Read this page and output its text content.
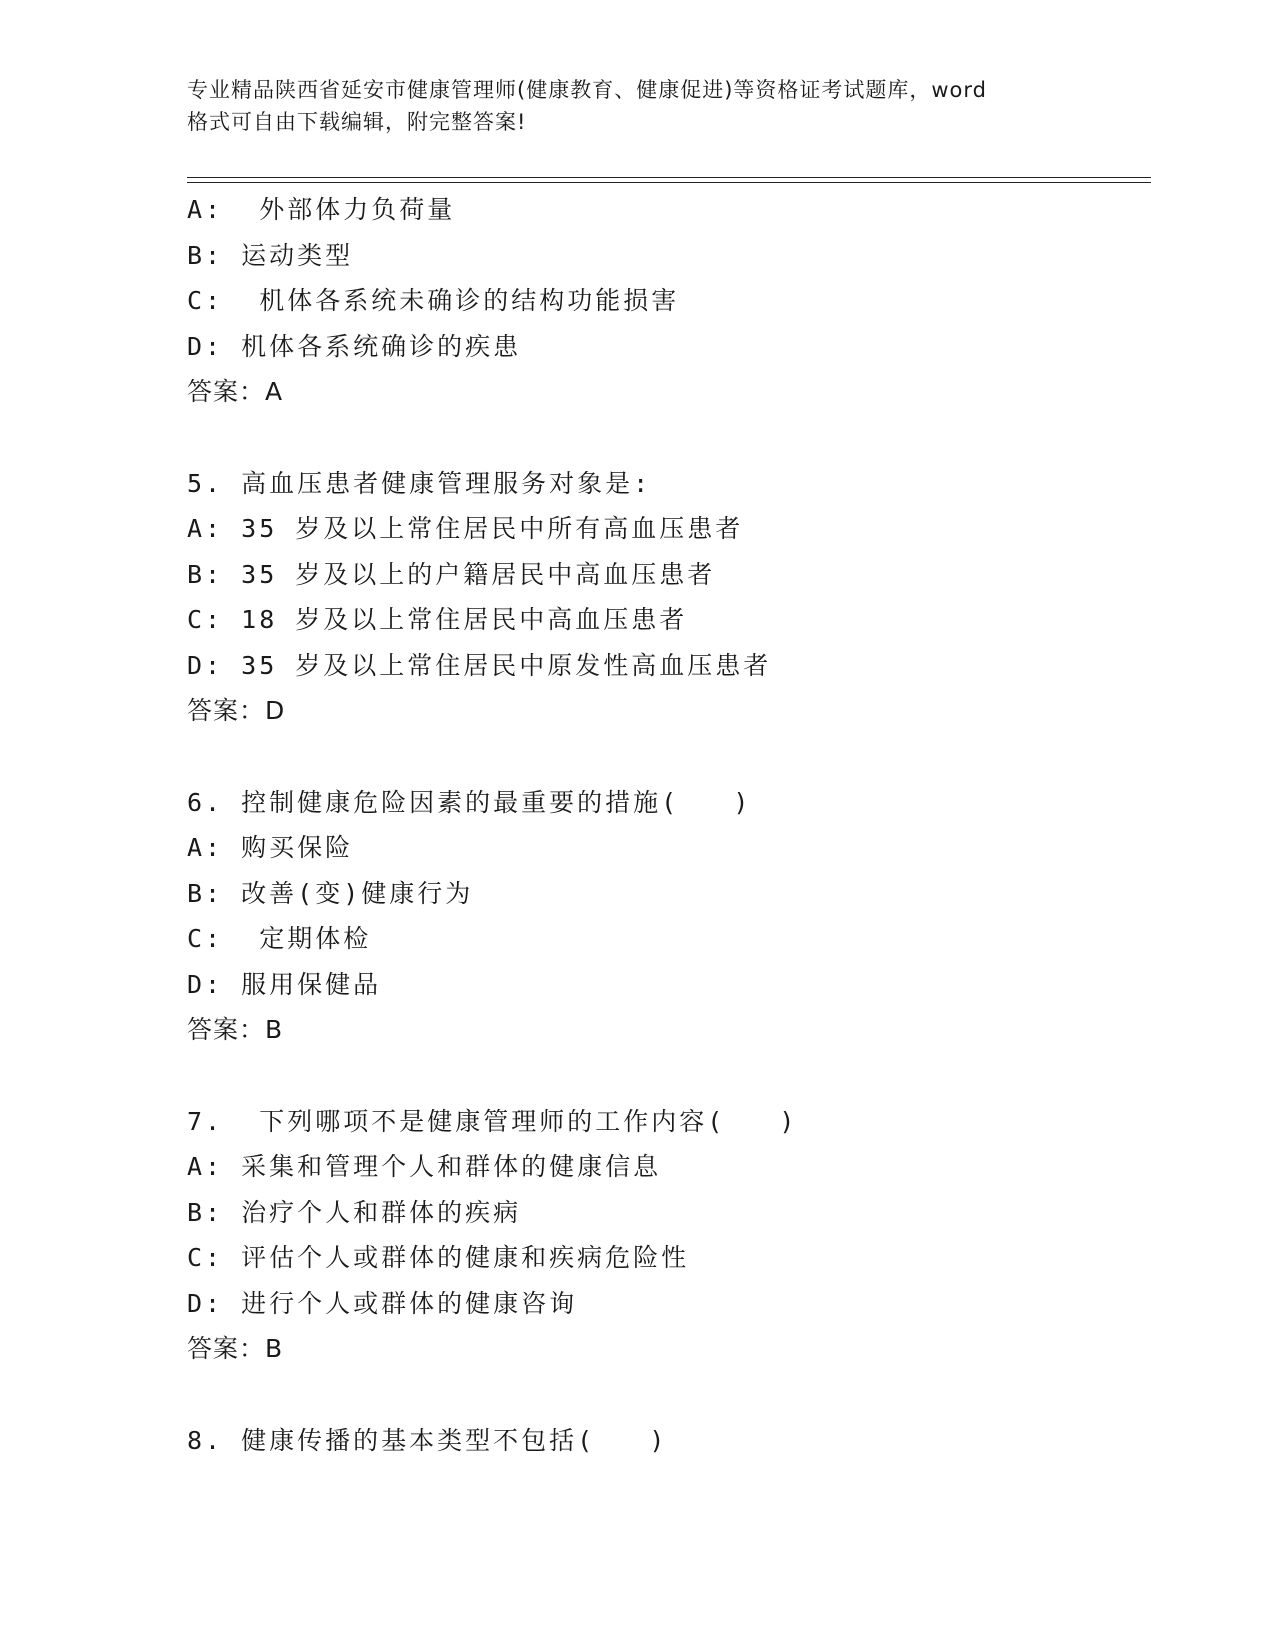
专业精品陕西省延安市健康管理师(健康教育、健康促进)等资格证考试题库，word
格式可自由下载编辑，附完整答案!
A:  外部体力负荷量
B: 运动类型
C:  机体各系统未确诊的结构功能损害
D: 机体各系统确诊的疾患
答案：A
5. 高血压患者健康管理服务对象是:
A: 35 岁及以上常住居民中所有高血压患者
B: 35 岁及以上的户籍居民中高血压患者
C: 18 岁及以上常住居民中高血压患者
D: 35 岁及以上常住居民中原发性高血压患者
答案：D
6. 控制健康危险因素的最重要的措施(   )
A: 购买保险
B: 改善(变)健康行为
C:  定期体检
D: 服用保健品
答案：B
7.  下列哪项不是健康管理师的工作内容(   )
A: 采集和管理个人和群体的健康信息
B: 治疗个人和群体的疾病
C: 评估个人或群体的健康和疾病危险性
D: 进行个人或群体的健康咨询
答案：B
8. 健康传播的基本类型不包括(   )
